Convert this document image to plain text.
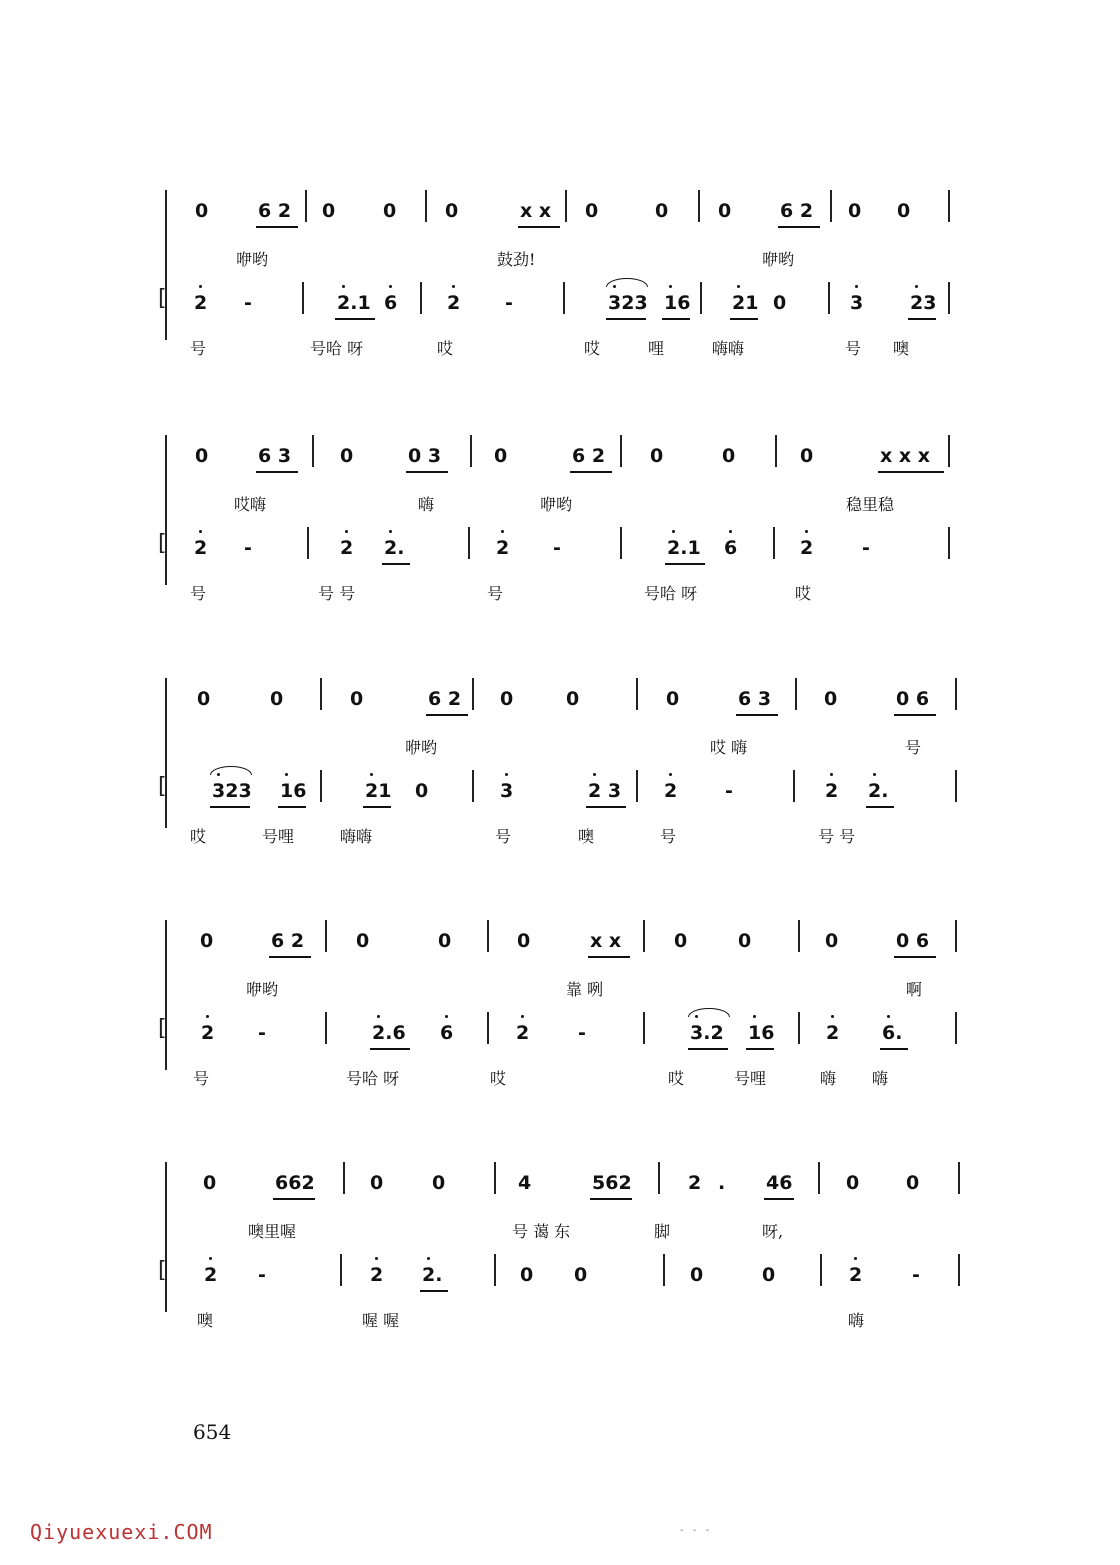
[
0	6 2 0	0	0	x x 0	0	0	6 2 0 0
咿哟	鼓劲!	咿哟
2 -	2.1 6	2 -	323 16 21 0	3 23
号	号哈 呀	哎	哎	哩	嗨嗨	号 噢
[
0	6 3	0	0 3	0	6 2 0	0	0	x x x
哎嗨	嗨	咿哟	稳里稳
2 -	2 2.	2 -	2.1 6	2	-
号	号 号	号	号哈 呀	哎
[
0	0	0	6 2 0	0	0	6 3	0	0 6
咿哟	哎 嗨	号
323 16	21 0	3	2 3 2	-	2 2.
哎	号哩	嗨嗨	号	噢	号	号 号
[
0	6 2	0	0	0	x x	0	0	0	0 6
咿哟	靠 咧	啊
2 -	2.6 6	2	-	3.2 16	2 6.
号	号哈 呀	哎	哎	号哩	嗨 嗨
[
0	662	0	0	4	562	2 . 46	0 0
噢里喔	号 蔼 东	脚	呀,
2 -	2 2.	0 0	0	0	2	-
噢	喔 喔	嗨
654
Qiyuexuexi.COM	- - -
